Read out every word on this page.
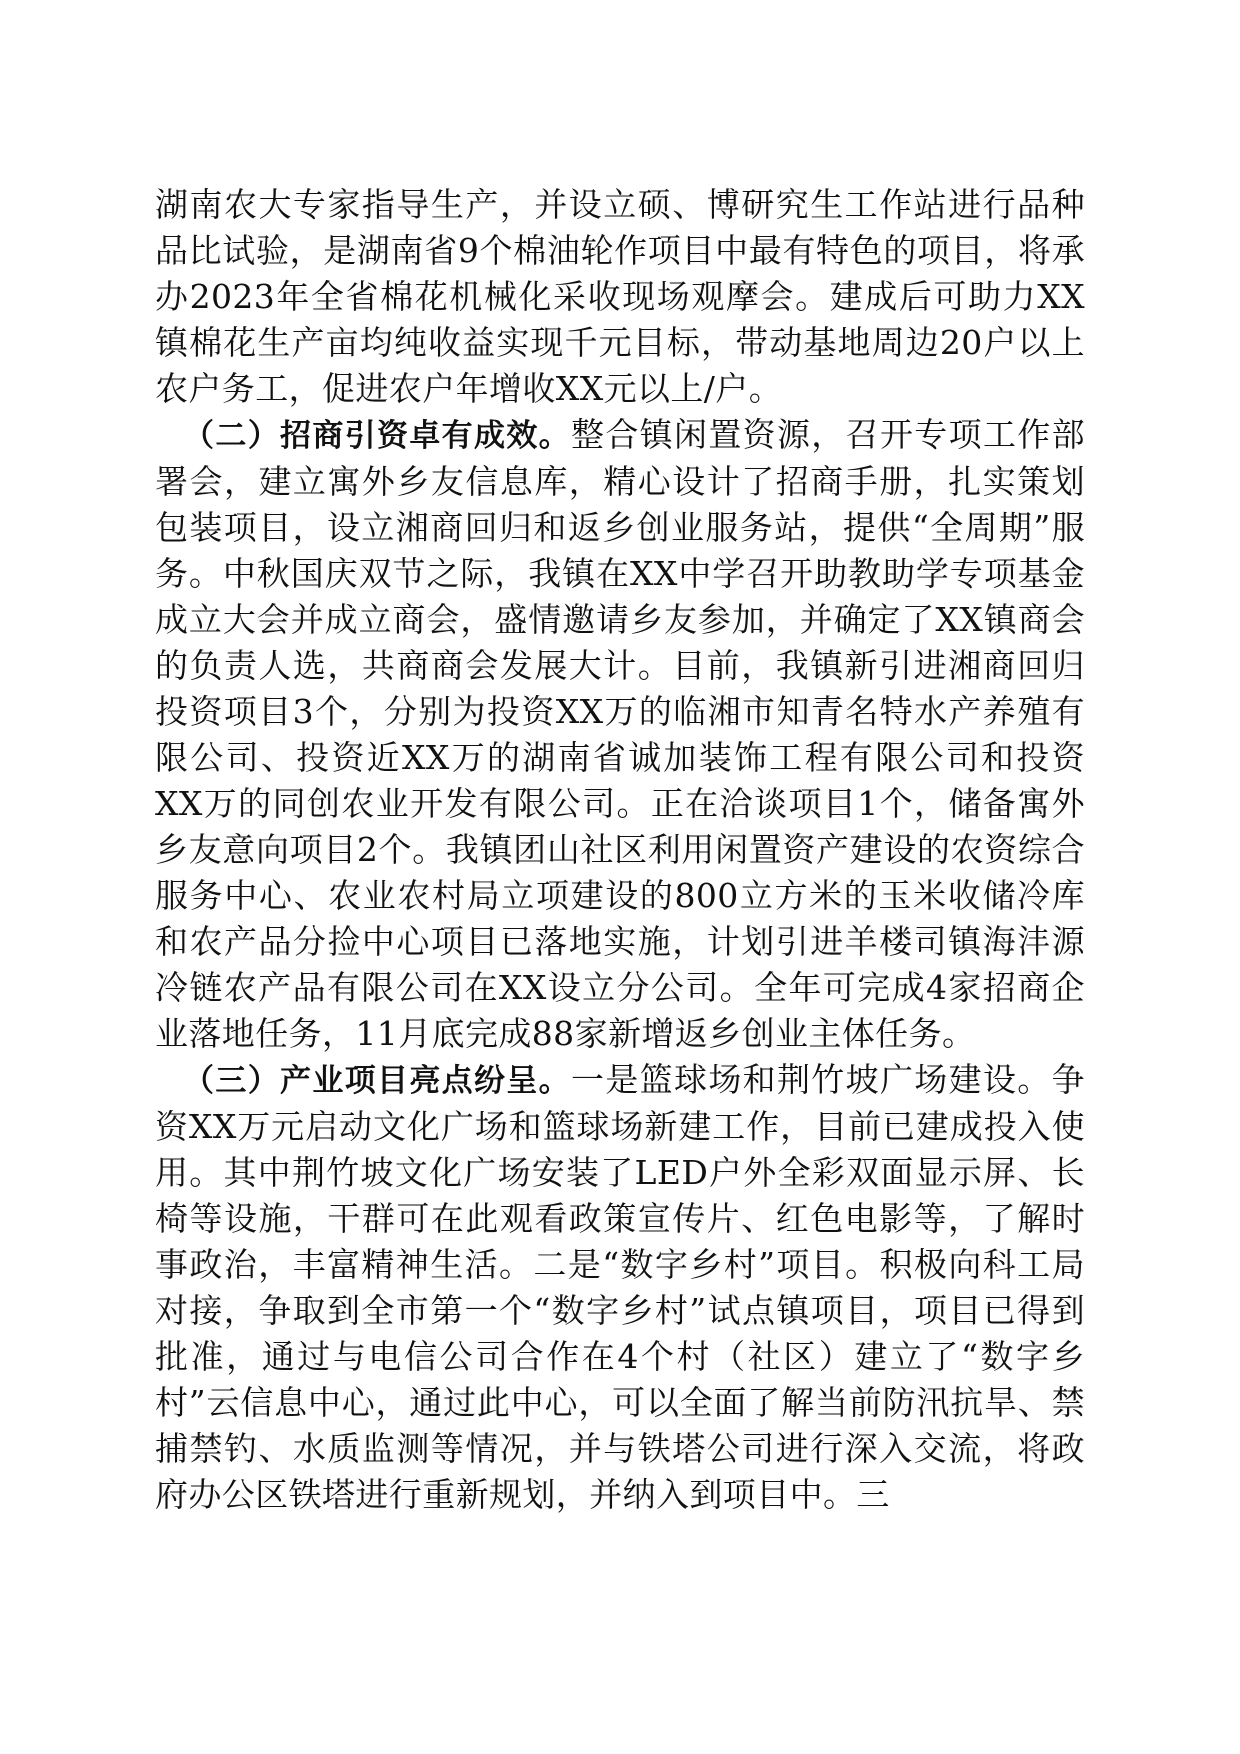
湖南农大专家指导生产，并设立硕、博研究生工作站进行品种品比试验，是湖南省9个棉油轮作项目中最有特色的项目，将承办2023年全省棉花机械化采收现场观摩会。建成后可助力XX镇棉花生产亩均纯收益实现千元目标，带动基地周边20户以上农户务工，促进农户年增收XX元以上/户。

（二）招商引资卓有成效。整合镇闲置资源，召开专项工作部署会，建立寓外乡友信息库，精心设计了招商手册，扎实策划包装项目，设立湘商回归和返乡创业服务站，提供“全周期”服务。中秋国庆双节之际，我镇在XX中学召开助教助学专项基金成立大会并成立商会，盛情邀请乡友参加，并确定了XX镇商会的负责人选，共商商会发展大计。目前，我镇新引进湘商回归投资项目3个，分别为投资XX万的临湘市知青名特水产养殖有限公司、投资近XX万的湖南省诚加装饰工程有限公司和投资XX万的同创农业开发有限公司。正在洽谈项目1个，储备寓外乡友意向项目2个。我镇团山社区利用闲置资产建设的农资综合服务中心、农业农村局立项建设的800立方米的玉米收储冷库和农产品分捡中心项目已落地实施，计划引进羊楼司镇海沣源冷链农产品有限公司在XX设立分公司。全年可完成4家招商企业落地任务，11月底完成88家新增返乡创业主体任务。

（三）产业项目亮点纷呈。一是篮球场和荆竹坡广场建设。争资XX万元启动文化广场和篮球场新建工作，目前已建成投入使用。其中荆竹坡文化广场安装了LED户外全彩双面显示屏、长椅等设施，干群可在此观看政策宣传片、红色电影等，了解时事政治，丰富精神生活。二是“数字乡村”项目。积极向科工局对接，争取到全市第一个“数字乡村”试点镇项目，项目已得到批准，通过与电信公司合作在4个村（社区）建立了“数字乡村”云信息中心，通过此中心，可以全面了解当前防汛抗旱、禁捕禁钓、水质监测等情况，并与铁塔公司进行深入交流，将政府办公区铁塔进行重新规划，并纳入到项目中。三
